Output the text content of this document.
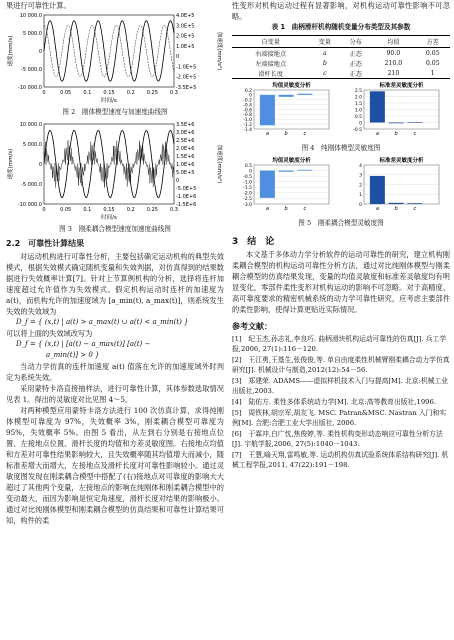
果进行可靠性计算。

10 000.0
5 000.0
0
-5 000.0
-10 000.0
4.0E+5
3.0E+5
2.0E+5
1.0E+5
0
-1.0E+5
-2.0E+5
-3.5E+5
0	0.05 0.1 0.15 0.2 0.25 0.3
时间/s
速度(mm/s)	加速度(mm/s²)
图 2　刚体模型速度与加速度曲线图
10 000.0
5 000.0
0
-5 000.0
-10 000.0
3.5E+6
3.0E+6
2.5E+6
2.0E+6
1.5E+6
1.0E+6
5.0E+5
0
-5.0E+5
-1.0E+6
-1.5E+6
0	0.05 0.1 0.15 0.2 0.25 0.3
时间/s
速度(mm/s)	加速度(mm/s²)
图 3　刚柔耦合模型速度加速度曲线图
2.2　可靠性计算结果

对运动机构进行可靠性分析，主要包括确定运动机构的典型失效模式，根据失效模式确定随机变量和失效判据，对仿真得到的结果数据进行失效概率计算[7]。针对上节算例机构的分析，选择将连杆加速度超过允许值作为失效模式。假定机构运动时连杆的加速度为 a(t)，而机构允许的加速度域为 [a_min(t), a_max(t)]，则系统发生失效的失效域为

D_f = { (x,t) | a(t) > a_max(t) ∪ a(t) < a_min(t) }

可以将上面的失效域改写为

D_f = { (x,t) | [a(t) − a_max(t)] [a(t) −
a_min(t)] > 0 }

当动力学仿真的连杆加速度 a(t) 值落在允许的加速度域外时判定为系统失效。

采用蒙特卡洛直接抽样法，进行可靠性计算，其体参数选取情况见表 1。得出的灵敏度对比见图 4～5。

对两种模型应用蒙特卡洛方法进行 100 次仿真计算，求得纯刚体模型可靠度为 97%，失效概率 3%，刚柔耦合模型可靠度为 95%，失效概率 5%。由图 5 看出，从左到右分别是右接地点位置、左接地点位置、滑杆长度的均值和方差灵敏度图。右接地点均值和方差对可靠性结果影响较大，且失效概率随其均值增大而减小，随标准差增大而增大，左接地点及滑杆长度对可靠性影响较小。通过灵敏度图发现在刚柔耦合模型中搭配了(右)接地点对可靠度的影响大大超过了其他两个变量，左接地点的影响在纯刚体和刚柔耦合模型中的变动最大，而因为影响是恒定角速度，滑杆长度对结果的影响极小。通过对比纯刚体模型和刚柔耦合模型的仿真结果和可靠性计算结果可知，构件的柔

性变形对机构运动过程有显著影响，对机构运动可靠性影响不可忽略。

表 1　曲柄滑杆机构随机变量分布类型及其参数
自变量	变量	分布	均值	方差
右端接地点	a	正态	90.0	0.05
左端接地点	b	正态	210.0	0.05
滑杆长度	c	正态	210	1
均值灵敏度分析
0.2
0
-0.2
-0.4
-0.6
-0.8
-1.0
-1.2
-1.4
a	b	c
标准差灵敏度分析
2.5
2.0
1.5
1.0
0.5
0
-0.5
a	b	c
图 4　纯刚体模型灵敏度图
均值灵敏度分析
0.5
0
-0.5
-1.0
-1.5
-2.0
-2.5
-3.0
a	b	c
标准差灵敏度分析
4
3
2
1
0
a	b	c
图 5　刚柔耦合模型灵敏度图
3　结　论

本文基于多体动力学分析软件的运动可靠性的研究，建立机构刚柔耦合模型的机构运动可靠性分析方法，通过对比纯刚体模型与刚柔耦合模型的仿真结果发现，变量的均值灵敏度和标准差灵敏度均有明显变化，零部件柔性变形对机构运动的影响不可忽略。对于高精度、高可靠度要求的精密机械系统的动力学可靠性研究，应考虑主要部件的柔性影响，使得计算更贴近实际情况。

参考文献：
[1]　纪玉杰,孙志礼,李良巧. 曲柄滑块机构运动可靠性的仿真[J]. 兵工学报,2006, 27(1):116－120.
[2]　王江勇,王基生,张俊俊,等. 单自由度柔性机械臂刚柔耦合动力学仿真研究[J]. 机械设计与制造,2012(12):54－56.
[3]　郑建荣. ADAMS——虚拟样机技术入门与提高[M]. 北京:机械工业出版社,2003.
[4]　陆佑方. 柔性多体系统动力学[M]. 北京:高等教育出版社,1996.
[5]　周铁林,胡宗军,胡友飞. MSC. Patran&MSC. Nastran 入门和实例[M]. 合肥:合肥工业大学出版社, 2006.
[6]　于霖冲,白广忱,焦俊婷,等. 柔性机构变形动态响应可靠性分析方法[J]. 宇航学报,2006, 27(5):1040－1043.
[7]　王慧,喻天翔,雷鸣敏,等. 运动机构仿真试验系统体系结构研究[J]. 机械工程学报,2011, 47(22):191－198.
